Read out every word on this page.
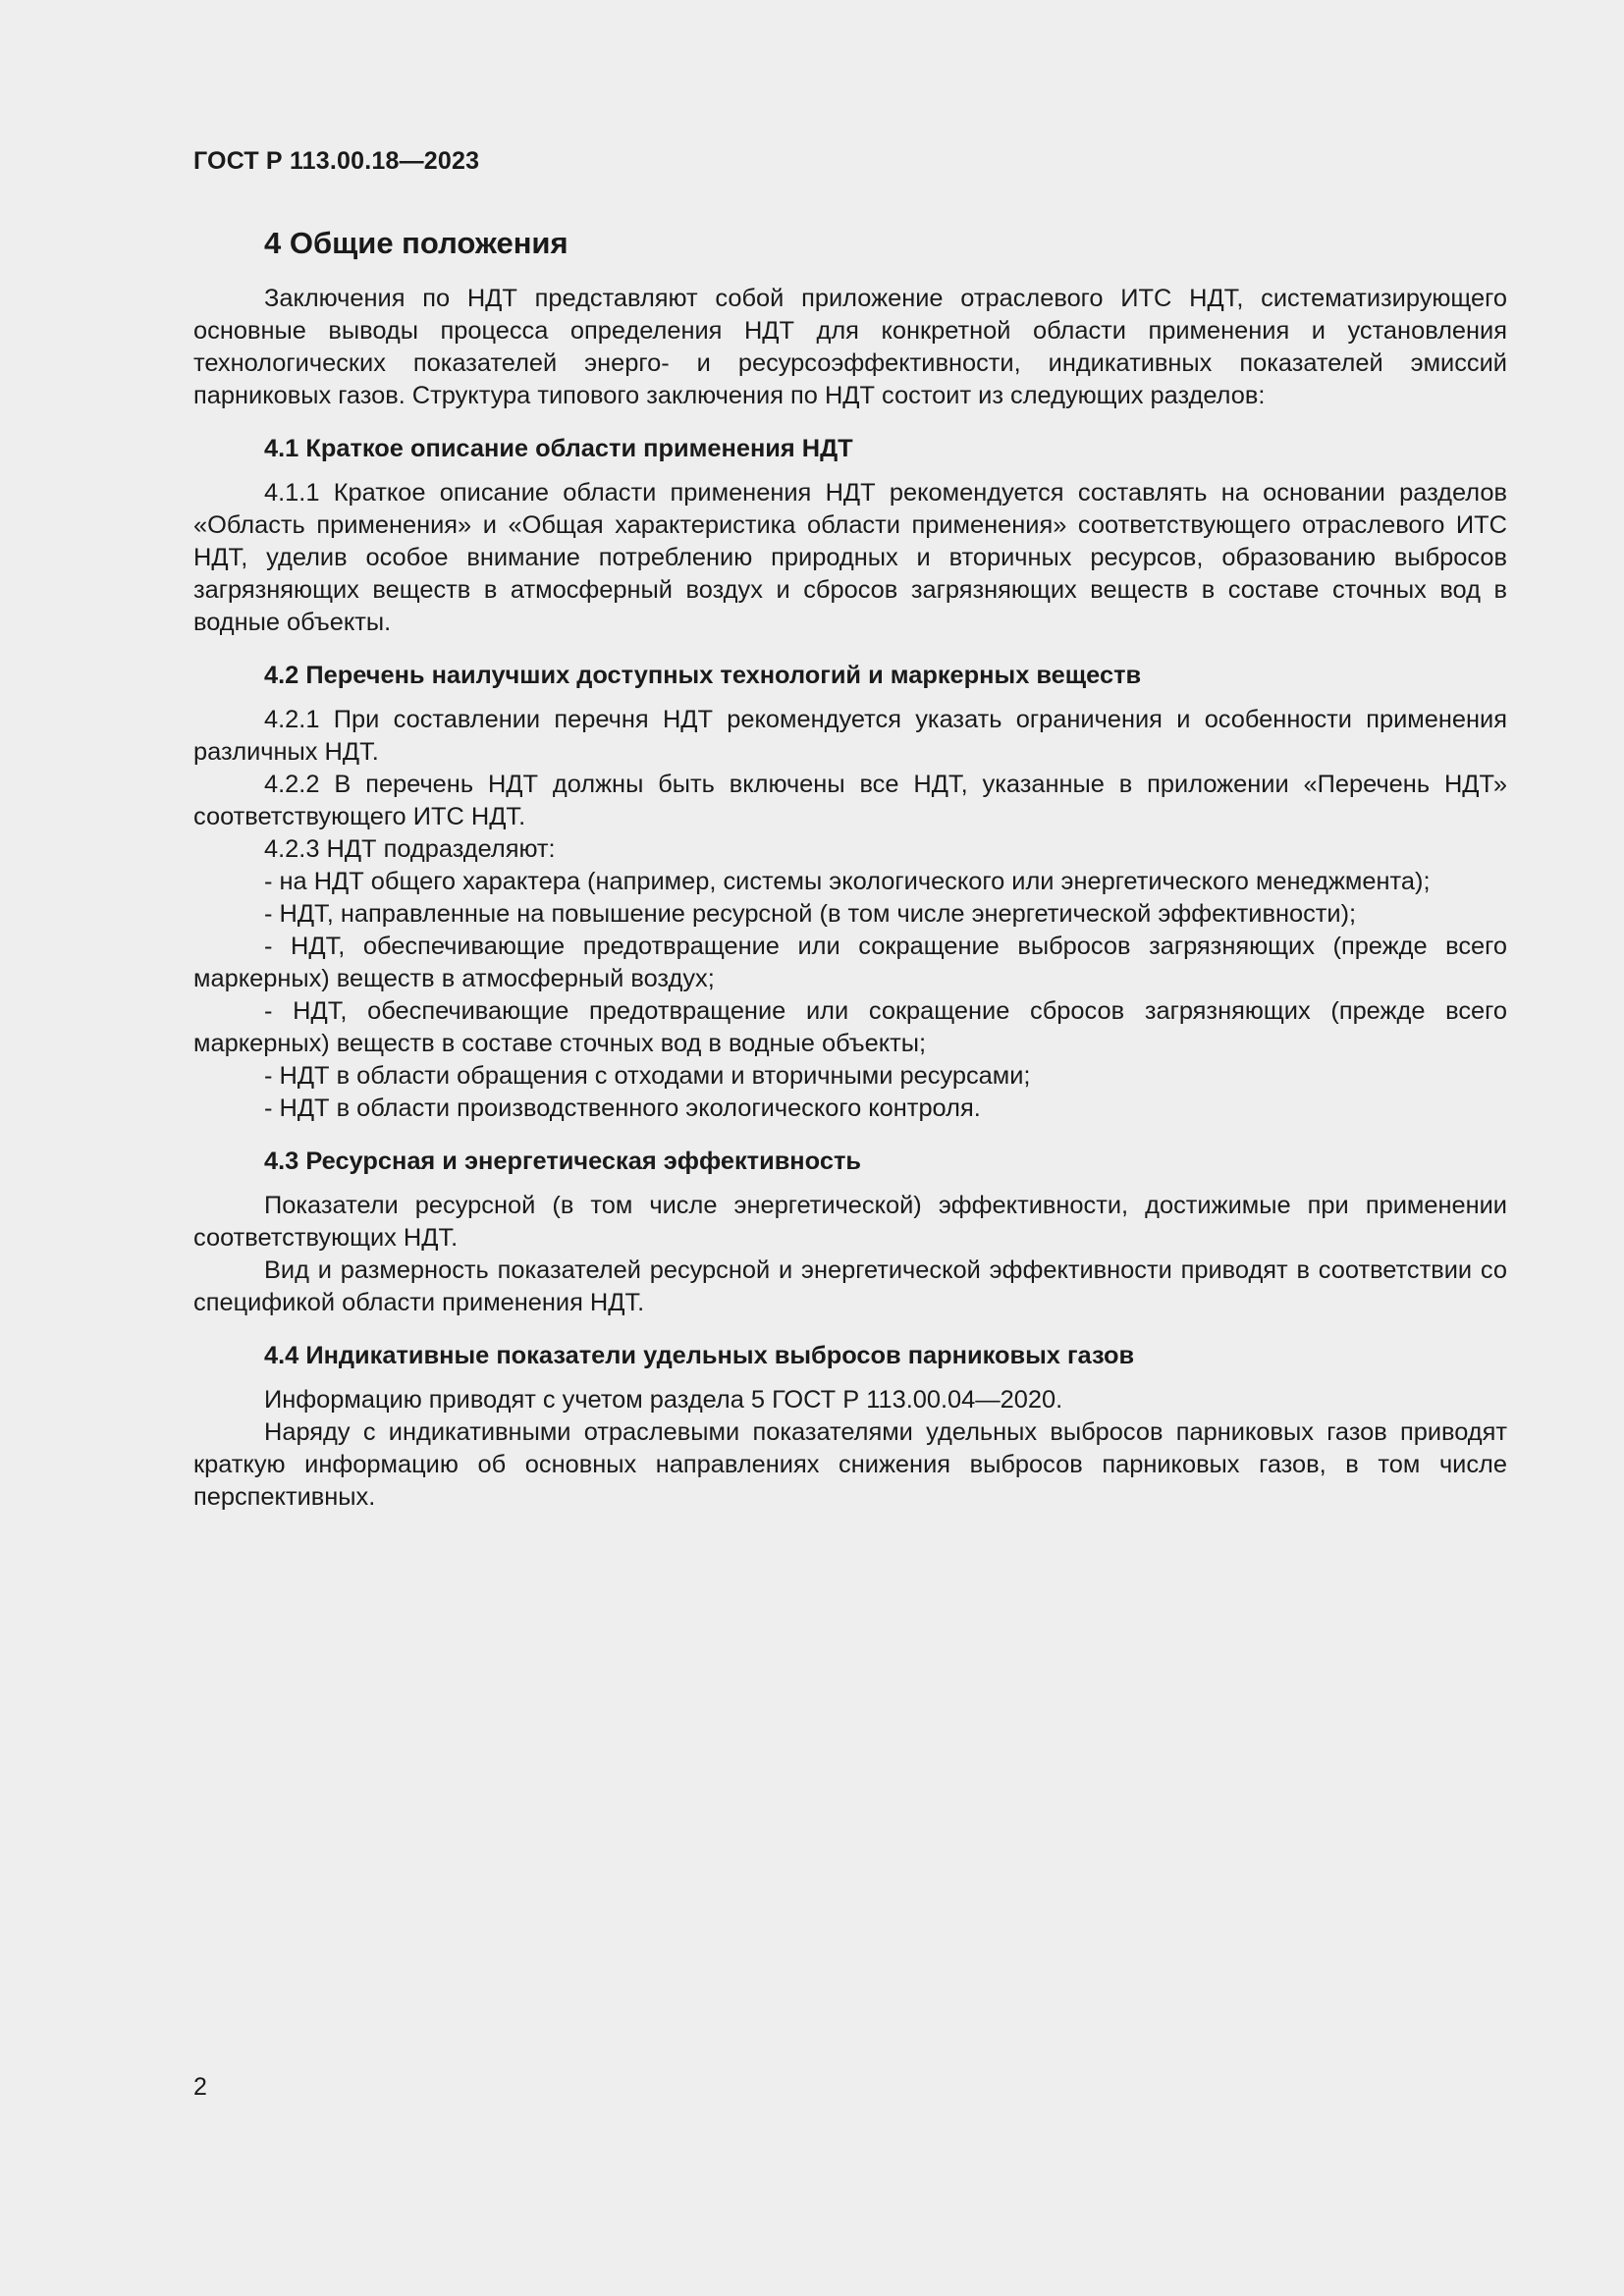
ГОСТ Р 113.00.18—2023
4 Общие положения

Заключения по НДТ представляют собой приложение отраслевого ИТС НДТ, систематизирующего основные выводы процесса определения НДТ для конкретной области применения и установления технологических показателей энерго- и ресурсоэффективности, индикативных показателей эмиссий парниковых газов. Структура типового заключения по НДТ состоит из следующих разделов:

4.1 Краткое описание области применения НДТ

4.1.1 Краткое описание области применения НДТ рекомендуется составлять на основании разделов «Область применения» и «Общая характеристика области применения» соответствующего отраслевого ИТС НДТ, уделив особое внимание потреблению природных и вторичных ресурсов, образованию выбросов загрязняющих веществ в атмосферный воздух и сбросов загрязняющих веществ в составе сточных вод в водные объекты.

4.2 Перечень наилучших доступных технологий и маркерных веществ

4.2.1 При составлении перечня НДТ рекомендуется указать ограничения и особенности применения различных НДТ.

4.2.2 В перечень НДТ должны быть включены все НДТ, указанные в приложении «Перечень НДТ» соответствующего ИТС НДТ.

4.2.3 НДТ подразделяют:

- на НДТ общего характера (например, системы экологического или энергетического менеджмента);

- НДТ, направленные на повышение ресурсной (в том числе энергетической эффективности);

- НДТ, обеспечивающие предотвращение или сокращение выбросов загрязняющих (прежде всего маркерных) веществ в атмосферный воздух;

- НДТ, обеспечивающие предотвращение или сокращение сбросов загрязняющих (прежде всего маркерных) веществ в составе сточных вод в водные объекты;

- НДТ в области обращения с отходами и вторичными ресурсами;

- НДТ в области производственного экологического контроля.

4.3 Ресурсная и энергетическая эффективность

Показатели ресурсной (в том числе энергетической) эффективности, достижимые при применении соответствующих НДТ.

Вид и размерность показателей ресурсной и энергетической эффективности приводят в соответствии со спецификой области применения НДТ.

4.4 Индикативные показатели удельных выбросов парниковых газов

Информацию приводят с учетом раздела 5 ГОСТ Р 113.00.04—2020.

Наряду с индикативными отраслевыми показателями удельных выбросов парниковых газов приводят краткую информацию об основных направлениях снижения выбросов парниковых газов, в том числе перспективных.

2
